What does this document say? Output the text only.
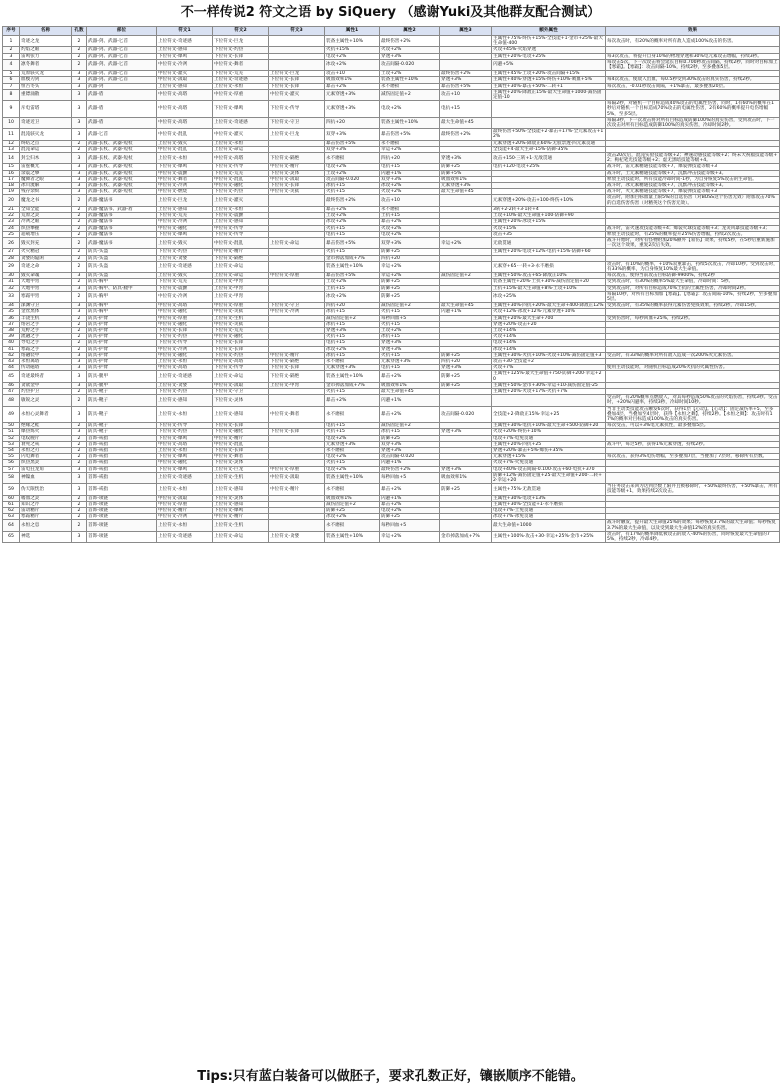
不一样传说2 符文之语 by SiQuery （感谢Yuki及其他群友配合测试）
序号	名称	孔数	部位	符文1	符文2	符文3	属性1	属性2	属性3	额外属性	效果
1	奇迹之龙	2	武器-剑、武器-匕首	上位符文-奇迹感	下位符文-巨龙		装备主属性+10%	最终伤害+2%		主属性+75%·终伤+15%·全技能+1·金币+25%·最大生命值-400	每次攻击时，有20%的概率对所有敌人造成100%攻击的伤害。
2	灼焰之眼	2	武器-剑、武器-匕首	上位符文-感知	下位符文-灼热		火抗+15%	火攻+2%		火攻+45%·火焰穿透	
3	雷鸣张力	2	武器-剑、武器-匕首	下位符文-爆鸣	下位符文-长锋		电攻+2%	穿透+3%		主属性+20%·电攻+25%	每3次攻击，将提升自身10%的物理穿透和30%电元素攻击增幅，持续3秒。
4	凛冬舞者	2	武器-剑、武器-匕首	中位符文-冷冽	中位符文-舞者		冰攻+2%	攻击间隔-0.020		闪避+5%	每攻击5次，下一次攻击将会延长目标0.700秒攻击间隔，持续2秒，同时对目标加上【寒霜】。【寒霜】：攻击间隔-10%，持续2秒，至多叠加5层。
5	荒原骇灭龙	3	武器-剑、武器-匕首	中位符文-灌灭	下位符文-荒芜	上位符文-巨龙	攻击+10	土攻+2%	最终伤害+2%	主属性+45%·土攻+20%·攻击间隔+15%	
6	血楔刃剑	3	武器-剑、武器-匕首	中位符文-汲取	上位符文-奇迹感	下位符文-长锋	吸血效率1%	装备主属性+10%	穿透+3%	主属性+40%·穿透+15%·终伤+10%·吸血+5%	每4次攻击，使敌人出血，每0.5秒受到30%攻击的真实伤害，持续2秒。
7	恒古冬头	3	武器-剑	上位符文-感知	上位符文-永恒	下位符文-长锋	暴击+2%	永不磨损	暴击伤害+5%	主属性+30%·暴击+50%·二转+1	每次攻击，-0.01秒攻击间隔，+1%暴击，最多叠加20层。
8	重镖涌散	3	武器-盾	中位符文-高塔	中位符文-厚重	中位符文-灌灭	元素穿透+3%	减伤固定值+2	攻击+10	主属性+20%·降敌正15%·最大生命值+1000·减伤固定值-10	
9	斥电雷塔	3	武器-盾	中位符文-高塔	下位符文-爆鸣	下位符文-传导	元素穿透+3%	电攻+2%	电抗+15		每隔2秒，对随机一个目标造成40%攻击的电属性伤害，同时，1有60%的概率在1秒后对随机一个目标造成70%攻击的电属性伤害，2有60%的概率提升电伤增幅5%，至多5层。
10	奇迹近卫	3	武器-盾	中位符文-高塔	上位符文-奇迹感	下位符文-守卫	四抗+20	装备主属性+10%	最大生命值+45		每隔3秒，下一次攻击将对所有目标造成防御100%的真实伤害，受到攻击时，下一次攻击对所有目标造成防御100%的真实伤害，冷却时间2秒。
11	混沌骇灭龙	3	武器-匕首	中位符文-混乱	中位符文-灌灭	上位符文-巨龙	双穿+3%	暴击伤害+5%	最终伤害+2%	最终伤害+50%·全技能+2·暴击+17%·全元素攻击+12%	
12	终结之点	2	武器-长杖、武器-短杖	上位符文-毁灭	上位符文-永恒		暴击伤害+5%	永不磨损		元素穿透+20%·降敌正60%·无股票透·四元素贯通	
13	混沌命运	2	武器-长杖、武器-短杖	中位符文-混乱	上位符文-命运		双穿+3%	幸运+2%		全技能+4·最大生命-15%·防御-35%	
14	封尘归木	3	武器-长杖、武器-短杖	上位符文-永恒	中位符文-高塔	下位符文-隔绝	永不磨损	四抗+20	穿透+3%	攻击+150·三转+1·无敌贯通	攻击20次后，混沌实验技能等级+2；神速动感技能等级+2；终末大祝福技能等级+2；枸杞笔光技能等级+2；虚无黑暗技能等级+4。
15	雷霆概光	3	武器-长杖、武器-短杖	下位符文-爆鸣	下位符文-传导	中位符文-精片	电攻+2%	电抗+15	防御+25	电抗+120·电攻+25%	战斗时，雷元素精通技能等级+7，爆裂弹技能等级+3
16	余震之攀	3	武器-长杖、武器-短杖	中位符文-震颤	下位符文-荒芜	下位符文-灵体	土攻+2%	闪避+1%	防御+5%		战斗时，土元素精通技能等级+7，沉默冲击技能等级+3。
17	魔舞者之眼	3	武器-长杖、武器-短杖	中位符文-舞者	中位符文-混乱	中位符文-汲取	攻击间隔-0.020	双穿+3%	吸血效率1%		释放主动技能时，所有技能冷却时间-1秒，为自身恢复5%攻击的生命值。
18	冰川流解	3	武器-长杖、武器-短杖	中位符文-冷冽	中位符文-融化	下位符文-长锋	冰抗+15	冰攻+2%	元素穿透+3%		战斗时，冰元素精通技能等级+7，沉默冲击技能等级+3。
19	残存余烬	3	武器-长杖、武器-短杖	中位符文-燃烧	下位符文-灼热	中位符文-炎狱	火抗+15	火攻+2%	最大生命值+45		战斗时，火元素精通技能等级+7，爆裂弹技能等级+3
20	魔龙之书	2	武器-魔法书	上位符文-巨龙	上位符文-灌灭		最终伤害+2%	攻击+10		元素穿透+20%·攻击+100·终伤+10%	攻击时，附加目标血量上限5%的自选伤害（对BOSS这个伤害无效）附加攻击70%的自选伤害伤害（对精英这个伤害无效）。
21	全知全能	2	武器-魔法书、武器-盾	上位符文-感知	上位符文-永恒		暴击+2%	永不磨损		3转+2·2转+3·1转+4	
22	荒原之灵	2	武器-魔法书	下位符文-荒芜	下位符文-震颤		土攻+2%	土抗+15		土攻+10%·最大生命值+100·防御+90	
23	冷冽之眼	2	武器-魔法书	中位符文-冷冽	上位符文-感知		冰攻+2%	暴击+2%		主属性+20%·冰攻+15%	
24	炽热攀握	2	武器-魔法书	中位符文-融化	中位符文-传导		火抗+15	火攻+2%		火攻+15%	战斗时，雷火速攻技能等级+4；爆裂火球技能等级+3；龙炎风暴技能等级+3；
25	超载增压	2	武器-魔法书	下位符文-爆鸣	下位符文-传导		电抗+15	电攻+2%		攻击+35	释放主动技能时，有25%的概率提升25%伤害增幅，持续2次攻击。
26	毁灭封充	2	武器-魔法书	上位符文-毁灭	中位符文-混乱	上位符文-命运	暴击伤害+5%	双穿+3%	幸运+2%	无敌贯通	战斗开始时，对所有怪物附加20%额外【易伤】效果，持续5秒，在5秒后重新施加一次这个效果，重复2次后失效。
27	火灾精冠	2	防具-头盔	下位符文-灼热	中位符文-精片		火抗+15	防御+25		主属性+20%·电攻+12%·电抗+15%·防御+60	
28	贪婪的隐闲	2	防具-头盔	上位符文-贪婪	下位符文-隔绝		金币掉落加成+7%	四抗+20			
29	奇迹之命	2	防具-头盔	上位符文-奇迹感	上位符文-命运		装备主属性+10%	幸运+2%		元素穿+65·一转+3·永不磨损	攻击时，有10%的概率，+10%双重暴击，持续5次攻击，冷却10秒。受到攻击时，有33%的概率，为自身恢复10%最大生命值。
30	毁灭命魂	3	防具-头盔	上位符文-毁灭	上位符文-命运	中位符文-厚重	暴击伤害+5%	幸运+2%	减伤固定值+2	主属性+50%·攻击+65·降敌正10%	每次攻击，使得当前攻击目标防御-9900%，持续2秒
31	大地甲胄	2	防具-胸甲	下位符文-荒芜	上位符文-甲胄		土攻+2%	防御+25		装备主属性+20%·土抗+30%·减伤固定值+20	受到攻击时，有30%的概率5%最大生命值，冷却时间：5秒。
32	大地甲胄	3	防具-胸甲、防具-腿甲	下位符文-震颤	上位符文-甲胄		土抗+15	防御+25		土抗+15%·最大生命值+8%·土攻+10%	受到攻击时，对所有目标造成70%土抗的土属性伤害，冷却时间2秒。
33	寒霜甲胄	2	防具-胸甲	中位符文-冷冽	上位符文-甲胄		冰攻+2%	防御+25		冰攻+25%	每隔10秒，对所有目标加加【寒霜】。【寒霜】：攻击间隔-10%，持续2秒，至多叠加5层。
34	深渊守卫	3	防具-胸甲	中位符文-高塔	中位符文-厚重	下位符文-守卫	四抗+20	减伤固定值+2	最大生命值+45	主属性+30%·四抗+20%·最大生命+400·降敌正12%	受到攻击时，有35%的概率获得元素伤害免疫效果，持续2秒，冷却15秒。
35	金丝黑体	3	防具-胸甲	中位符文-融化	中位符文-炎狱	中位符文-冷冽	冰抗+15	火抗+15	闪避+1%	火攻+12%·冰攻+12%·元素穿透+10%	
36	丰饶生机	2	防具-护臂	中位符文-厚重	上位符文-生机		减伤固定值+2	每秒回血+5		主属性+20%·最大生命+700	受到伤害时，每秒回血+25%，持续2秒。
37	熔岩之手	2	防具-护臂	中位符文-融化	中位符文-炎狱		冰抗+15	火抗+15		穿透+20%·攻击+20	
38	荒野之手	2	防具-护臂	下位符文-长锋	下位符文-荒芜		穿透+3%	土攻+2%		土攻+14%	
39	流融之手	2	防具-护臂	下位符文-灼热	中位符文-融化		火抗+15	冰抗+15		火攻+14%	
40	导电之手	2	防具-护臂	下位符文-传导	下位符文-长锋		电抗+15	穿透+3%		电攻+14%	
41	寒霜之手	2	防具-护臂	中位符文-冷冽	下位符文-长锋		冰攻+2%	穿透+3%		冰攻+14%	
42	熔融装甲	3	防具-护臂	中位符文-融化	下位符文-灼热	中位符文-精片	冰抗+15	火抗+15	防御+25	主属性+30%·火抗+10%·火攻+10%·减伤固定值+3	受击时，有33%的概率对所有敌人造成一次200%火元素伤害。
43	永恒离塔	3	防具-护臂	上位符文-永恒	中位符文-高塔	下位符文-隔绝	永不磨损	元素穿透+3%	四抗+20	攻击+30·全技能+2	
44	传动磁塔	3	防具-护臂	中位符文-高塔	下位符文-传导	下位符文-长锋	元素穿透+3%	电抗+15	穿透+3%	火攻+7%	使用主动技能时，对随机目标造成20%火抗的火属性伤害。
45	奇迹最终者	3	防具-腿甲	上位符文-奇迹感	上位符文-命运	下位符文-隔绝	装备主属性+10%	暴击+2%	防御+25	主属性+125%·最大生命值+750·防御+200·幸运+20	
46	贪欲金甲	3	防具-腿甲	上位符文-贪婪	中位符文-汲取	上位符文-甲胄	金币掉落加成+7%	吸血效率1%	防御+25	主属性+50%·金币+30%·幸运+10·减伤固定值-25	
47	灼热护卫	2	防具-靴子	下位符文-灼热	下位符文-守卫		火抗+15	最大生命值+45		主属性+20%·火攻+17%·火抗+7%	
48	敏锐之灵	2	防具-靴子	上位符文-感知	下位符文-灵体		暴击+2%	闪避+1%			受击时，有20%概率点燃敌人，对其每秒造成50%攻击的火焰伤害，持续3秒。受击时，+20%闪避率，持续3秒，冷却时间10秒。
49	永恒心灵舞者	3	防具-靴子	上位符文-永恒	上位符文-感知	中位符文-舞者	永不磨损	暴击+2%	攻击间隔-0.020	全技能+2·降敌正15%·幸运+25	当非主动类技能攻击触发6次时，获得1层【心动】。【心动】：固定减伤率+5，至多叠加4层，当叠加至4层时，获得【永恒之舞】，持续2秒。【永恒之舞】：攻击时有17%的概率对目标造成100%攻击的真实伤害。
50	绝缘之鞋	2	防具-靴子	下位符文-传导	下位符文-长锋		电抗+15	减伤固定值+2		主属性+30%·电抗+10%·最大生命+500·防御+20	每次受击，可以+3%电元素抗性，最多叠加5层。
51	爆热炼火	3	防具-靴子	下位符文-灼热	下位符文-融化	下位符文-长锋	火抗+15	冰抗+15	穿透+3%	火攻+20%·终伤+10%	
52	电纹舰片	2	首饰-戒指	下位符文-爆鸣	中位符文-精片		电攻+2%	防御+25		电攻+7%·电免贯通	
53	衰死之戒	2	首饰-戒指	中位符文-高塔	中位符文-混乱		元素穿透+3%	双穿+3%		主属性+20%·四抗+25	战斗中，每过5秒，获得1%元素穿透，持续2秒。
54	永恒之刃	2	首饰-戒指	上位符文-永恒	下位符文-长锋		永不磨损	穿透+3%		穿透+20%·暴击+5%·爆伤+35%	
55	闪电舞者	2	首饰-戒指	下位符文-爆鸣	中位符文-舞者		电攻+2%	攻击间隔-0.020		元素穿透+15%	每次攻击，获得3%电伤增幅，至多叠加7层，当叠加了7层时，移除所有层数。
56	炽热黑灵	2	首饰-戒指	中位符文-融化	下位符文-灵体		火抗+15	闪避+1%		火攻+7%·火免贯通	
57	雷电狂龙角	3	首饰-戒指	下位符文-爆鸣	上位符文-巨龙	中位符文-厚重	电攻+2%	最终伤害+2%	穿透+3%	电攻+40%·攻击间隔-0.100·攻击+60·电抗+370	
58	神镍血	3	首饰-戒指	上位符文-奇迹感	上位符文-生机	中位符文-汲取	装备主属性+10%	每秒回血+5	吸血效率1%	防御+12%·减伤固定值+25·最大生命值+200·二转+2·幸运+20	
59	伪天限恍治	3	首饰-戒指	上位符文-永恒	上位符文-感知	中位符文-精片	永不磨损	暴击+2%	防御+25	主属性+75%·无敌贯通	当任务攻击来回为达到层数上限并且被移除时，+50%最终伤害，+50%暴击，所有技能等级+1，效果持续2次攻击。
60	嗜血之灵	2	首饰-项链	中位符文-汲取	下位符文-灵体		吸血效率1%	闪避+1%		主属性+30%·电攻+13%	
61	知识之芹	2	首饰-项链	中位符文-厚重	上位符文-感知		减伤固定值+2	暴击+2%		主属性+30%·全技能+1·永不磨损	
62	雷动精片	2	首饰-项链	中位符文-精片	下位符文-爆鸣		防御+25	电攻+2%		电攻+7%·土免贯通	
63	寒霜精片	2	首饰-项链	中位符文-冷冽	中位符文-精片		冰攻+2%	防御+25		冰攻+7%·冰免贯通	
64	永恒之息	2	首饰-项链	上位符文-永恒	上位符文-生机		永不磨损	每秒回血+5		最大生命值+1000	战斗时触发，提升最大生命值25%的效果；每秒恢复3.7%的最大生命值；每秒恢复3.7%的最大生命值，以及受到最大生命值12%的真实伤害。
65	神选	3	首饰-项链	上位符文-奇迹感	上位符文-命运	上位符文-贪婪	装备主属性+10%	幸运+2%	金币掉落加成+7%	主属性+100%·攻击+30·幸运+25%·金币+25%	攻击时，有17%的概率降低被攻击的敌人-40%的伤害，同时恢复最大生命值的75%，持续2秒，冷却4秒。
Tips:只有蓝白装备可以做胚子，要求孔数正好，镶嵌顺序不能错。
